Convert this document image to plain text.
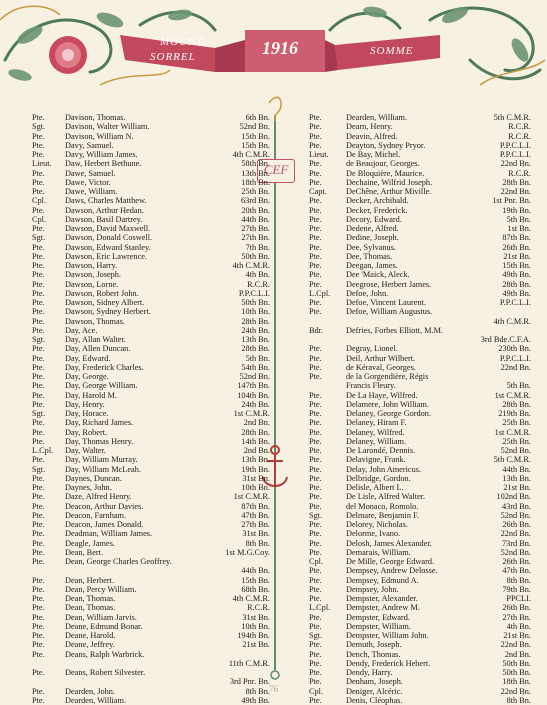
MOUNT
SORREL	1916	SOMME
CEF
Pte.	Davison, Thomas.	6th Bn.
Sgt.	Davison, Walter William.	52nd Bn.
Pte.	Davison, William N.	15th Bn.
Pte.	Davy, Samuel.	15th Bn.
Pte.	Davy, William James.	4th C.M.R.
Lieut.	Daw, Herbert Bethune.	58th Bn.
Pte.	Dawe, Samuel.	13th Bn.
Pte.	Dawe, Victor.	18th Bn.
Pte.	Dawe, William.	25th Bn.
Cpl.	Daws, Charles Matthew.	63rd Bn.
Pte.	Dawson, Arthur Hedan.	20th Bn.
Cpl.	Dawson, Basil Dartrey.	44th Bn.
Pte.	Dawson, David Maxwell.	27th Bn.
Sgt.	Dawson, Donald Coswell.	27th Bn.
Pte.	Dawson, Edward Stanley.	7th Bn.
Pte.	Dawson, Eric Lawrence.	50th Bn.
Pte.	Dawson, Harry.	4th C.M.R.
Pte.	Dawson, Joseph.	4th Bn.
Pte.	Dawson, Lorne.	R.C.R.
Pte.	Dawson, Robert John.	P.P.C.L.I.
Pte.	Dawson, Sidney Albert.	50th Bn.
Pte.	Dawson, Sydney Herbert.	10th Bn.
Pte.	Dawson, Thomas.	28th Bn.
Pte.	Day, Ace.	24th Bn.
Sgt.	Day, Allan Walter.	13th Bn.
Pte.	Day, Allen Duncan.	28th Bn.
Pte.	Day, Edward.	5th Bn.
Pte.	Day, Frederick Charles.	54th Bn.
Pte.	Day, George.	52nd Bn.
Pte.	Day, George William.	147th Bn.
Pte.	Day, Harold M.	104th Bn.
Pte.	Day, Henry.	24th Bn.
Sgt.	Day, Horace.	1st C.M.R.
Pte.	Day, Richard James.	2nd Bn.
Pte.	Day, Robert.	28th Bn.
Pte.	Day, Thomas Henry.	14th Bn.
L.Cpl.	Day, Walter.	2nd Bn.
Pte.	Day, William Murray.	13th Bn.
Sgt.	Day, William McLeah.	19th Bn.
Pte.	Daynes, Duncan.	31st Bn.
Pte.	Daynes, John.	10th Bn.
Pte.	Daze, Alfred Henry.	1st C.M.R.
Pte.	Deacon, Arthur Davies.	87th Bn.
Pte.	Deacon, Farnham.	47th Bn.
Pte.	Deacon, James Donald.	27th Bn.
Pte.	Deadman, William James.	31st Bn.
Pte.	Deagle, James.	8th Bn.
Pte.	Dean, Bert.	1st M.G.Coy.
Pte.	Dean, George Charles Geoffrey.
44th Bn.
Pte.	Dean, Herbert.	15th Bn.
Pte.	Dean, Percy William.	68th Bn.
Pte.	Dean, Thomas.	4th C.M.R.
Pte.	Dean, Thomas.	R.C.R.
Pte.	Dean, William Jarvis.	31st Bn.
Pte.	Deane, Edmund Bonar.	10th Bn.
Pte.	Deane, Harold.	194th Bn.
Pte.	Deane, Jeffrey.	21st Bn.
Pte.	Deans, Ralph Warbrick.
11th C.M.R.
Pte.	Deans, Robert Silvester.
3rd Pnr. Bn.
Pte.	Dearden, John.	8th Bn.
Pte.	Dearden, William.	49th Bn.
Pte.	Dearden, William.	5th C.M.R.
Pte.	Dearn, Henry.	R.C.R.
Pte.	Deavin, Alfred.	R.C.R.
Pte.	Deayton, Sydney Pryor.	P.P.C.L.I.
Lieut.	De Bay, Michel.	P.P.C.L.I.
Pte.	de Beaujour, Georges.	22nd Bn.
Pte.	De Bloquière, Maurice.	R.C.R.
Pte.	Dechaine, Wilfrid Joseph.	28th Bn.
Capt.	DeChêne, Arthur Miville.	22nd Bn.
Pte.	Decker, Archibald.	1st Pnr. Bn.
Pte.	Decker, Frederick.	19th Bn.
Pte.	Decory, Edward.	5th Bn.
Pte.	Dedene, Alfred.	1st Bn.
Pte.	Dedine, Joseph.	87th Bn.
Pte.	Dee, Sylvanus.	26th Bn.
Pte.	Dee, Thomas.	21st Bn.
Pte.	Deegan, James.	15th Bn.
Pte.	Dee 'Maick, Aleck.	49th Bn.
Pte.	Deegrose, Herbert James.	28th Bn.
L.Cpl.	Defoe, John.	49th Bn.
Pte.	Defoe, Vincent Laurent.	P.P.C.L.I.
Pte.	Defoe, William Augustus.
4th C.M.R.
Bdr.	Defries, Forbes Elliott, M.M.
3rd Bde.C.F.A.
Pte.	Degray, Lionel.	230th Bn.
Pte.	Deil, Arthur Wilbert.	P.P.C.L.I.
Pte.	de Kéraval, Georges.	22nd Bn.
Pte.	de la Gorgendière, Régis
Francis Fleury.	5th Bn.
Pte.	De La Haye, Wilfred.	1st C.M.R.
Pte.	Delamere, John William.	28th Bn.
Pte.	Delaney, George Gordon.	219th Bn.
Pte.	Delaney, Hiram F.	25th Bn.
Pte.	Delaney, Wilfred.	1st C.M.R.
Pte.	Delaney, William.	25th Bn.
Pte.	De Larondé, Dennis.	52nd Bn.
Pte.	Delavigne, Frank.	5th C.M.R.
Pte.	Delay, John Americus.	44th Bn.
Pte.	Delbridge, Gordon.	13th Bn.
Pte.	Delisle, Albert L.	21st Bn.
Pte.	De Lisle, Alfred Walter.	102nd Bn.
Pte.	del Monaco, Romolo.	43rd Bn.
Sgt.	Delmare, Benjamin F.	52nd Bn.
Pte.	Delorey, Nicholas.	26th Bn.
Pte.	Delorme, Ivano.	22nd Bn.
Pte.	Delosh, James Alexander.	73rd Bn.
Pte.	Demarais, William.	52nd Bn.
Cpl.	De Mille, George Edward.	26th Bn.
Pte.	Dempsey, Andrew Delosse.	47th Bn.
Pte.	Dempsey, Edmund A.	8th Bn.
Pte.	Dempsey, John.	79th Bn.
Pte.	Dempster, Alexander.	PPCLI.
L.Cpl.	Dempster, Andrew M.	26th Bn.
Pte.	Dempster, Edward.	27th Bn.
Pte.	Dempster, William.	4th Bn.
Sgt.	Dempster, William John.	21st Bn.
Pte.	Demuth, Joseph.	22nd Bn.
Pte.	Dench, Thomas.	2nd Bn.
Pte.	Dendy, Frederick Hebert.	50th Bn.
Pte.	Dendy, Harry.	50th Bn.
Pte.	Denham, Joseph.	18th Bn.
Cpl.	Deniger, Alcéric.	22nd Bn.
Pte.	Denis, Cléophas.	8th Bn.
76
